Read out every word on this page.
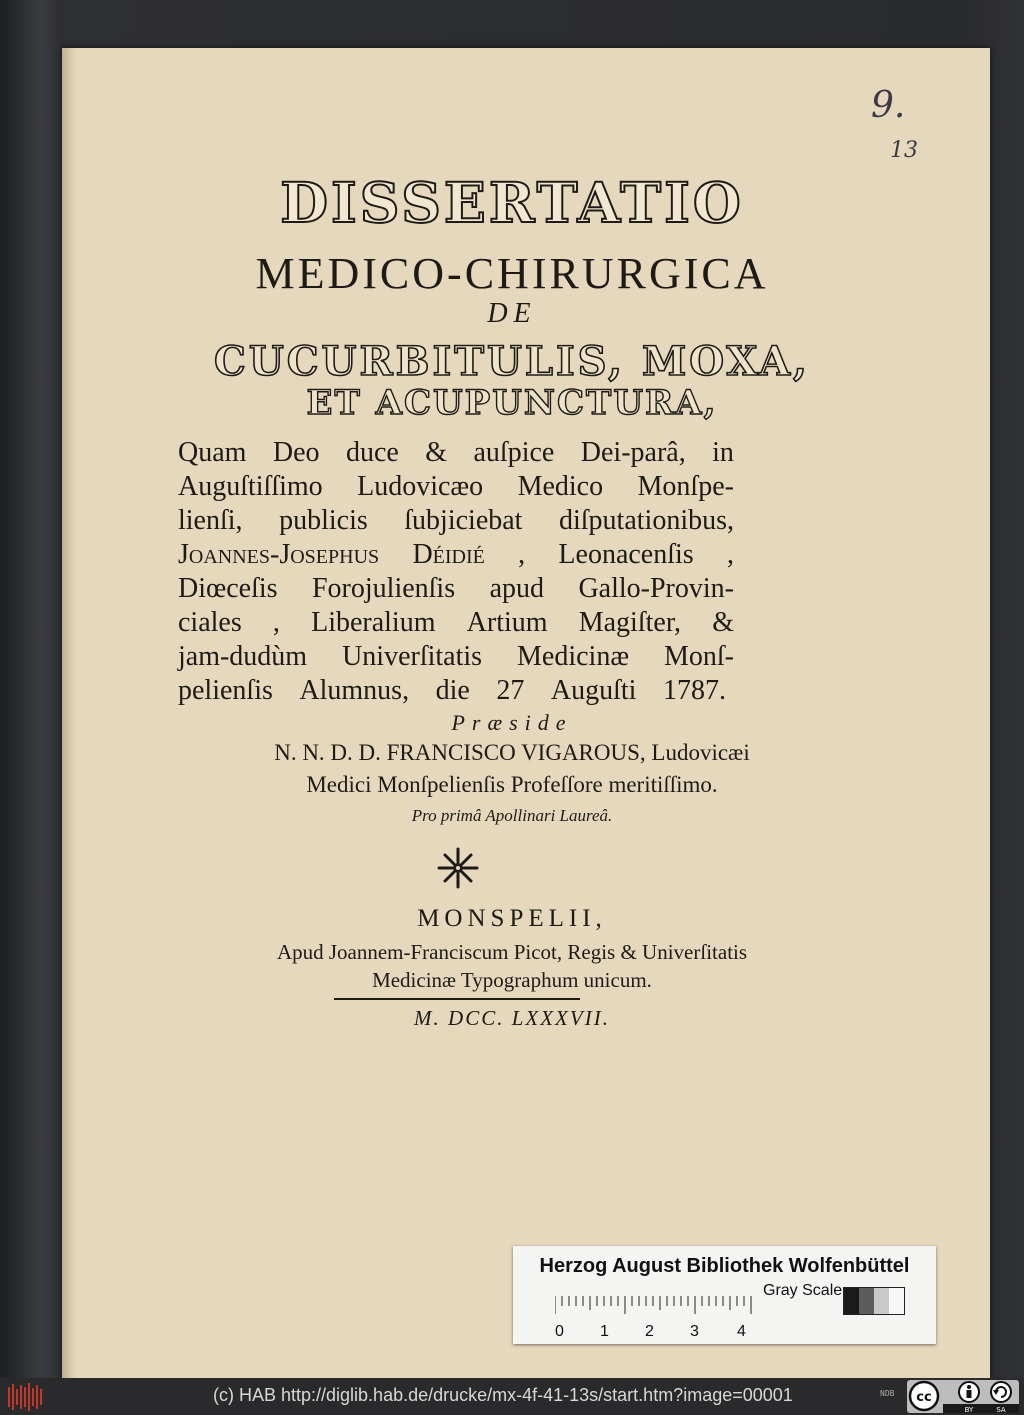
9.
13
DISSERTATIO
MEDICO-CHIRURGICA
DE
CUCURBITULIS, MOXA,
ET ACUPUNCTURA,
Quam Deo duce & auſpice Dei-parâ, in
Auguſtiſſimo Ludovicæo Medico Monſpe-
lienſi, publicis ſubjiciebat diſputationibus,
Joannes-Josephus Déidié , Leonacenſis ,
Diœceſis Forojulienſis apud Gallo-Provin-
ciales , Liberalium Artium Magiſter, &
jam-dudùm Univerſitatis Medicinæ Monſ-
pelienſis Alumnus, die 27 Auguſti 1787.
Præside
N. N. D. D. FRANCISCO VIGAROUS, Ludovicæi
Medici Monſpelienſis Profeſſore meritiſſimo.
Pro primâ Apollinari Laureâ.
MONSPELII,
Apud Joannem-Franciscum Picot, Regis & Univerſitatis
Medicinæ Typographum unicum.
M. DCC. LXXXVII.
Herzog August Bibliothek Wolfenbüttel
0 1 2 3 4
Gray Scale
(c) HAB http://diglib.hab.de/drucke/mx-4f-41-13s/start.htm?image=00001	NDB cc
BY	SA
